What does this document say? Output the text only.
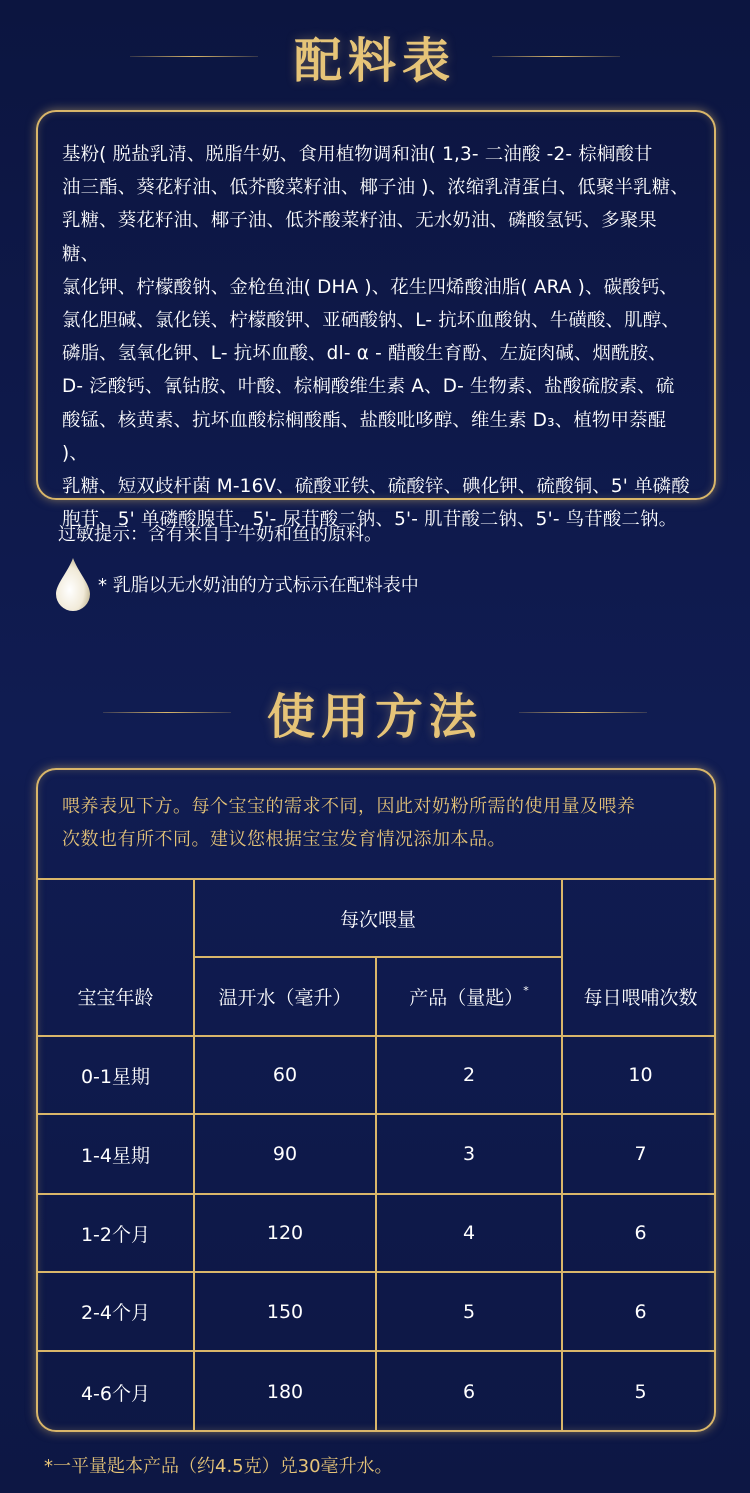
配料表
基粉( 脱盐乳清、脱脂牛奶、食用植物调和油( 1,3- 二油酸 -2- 棕榈酸甘
油三酯、葵花籽油、低芥酸菜籽油、椰子油 )、浓缩乳清蛋白、低聚半乳糖、
乳糖、葵花籽油、椰子油、低芥酸菜籽油、无水奶油、磷酸氢钙、多聚果糖、
氯化钾、柠檬酸钠、金枪鱼油( DHA )、花生四烯酸油脂( ARA )、碳酸钙、
氯化胆碱、氯化镁、柠檬酸钾、亚硒酸钠、L- 抗坏血酸钠、牛磺酸、肌醇、
磷脂、氢氧化钾、L- 抗坏血酸、dl- α - 醋酸生育酚、左旋肉碱、烟酰胺、
D- 泛酸钙、氰钴胺、叶酸、棕榈酸维生素 A、D- 生物素、盐酸硫胺素、硫
酸锰、核黄素、抗坏血酸棕榈酸酯、盐酸吡哆醇、维生素 D₃、植物甲萘醌 )、
乳糖、短双歧杆菌 M-16V、硫酸亚铁、硫酸锌、碘化钾、硫酸铜、5' 单磷酸
胞苷、5' 单磷酸腺苷、5'- 尿苷酸二钠、5'- 肌苷酸二钠、5'- 鸟苷酸二钠。
过敏提示：含有来自于牛奶和鱼的原料。
* 乳脂以无水奶油的方式标示在配料表中
使用方法
喂养表见下方。每个宝宝的需求不同，因此对奶粉所需的使用量及喂养
次数也有所不同。建议您根据宝宝发育情况添加本品。
每次喂量
宝宝年龄	温开水（毫升）	产品（量匙）*	每日喂哺次数
0-1星期	60	2	10
1-4星期	90	3	7
1-2个月	120	4	6
2-4个月	150	5	6
4-6个月	180	6	5
*一平量匙本产品（约4.5克）兑30毫升水。
